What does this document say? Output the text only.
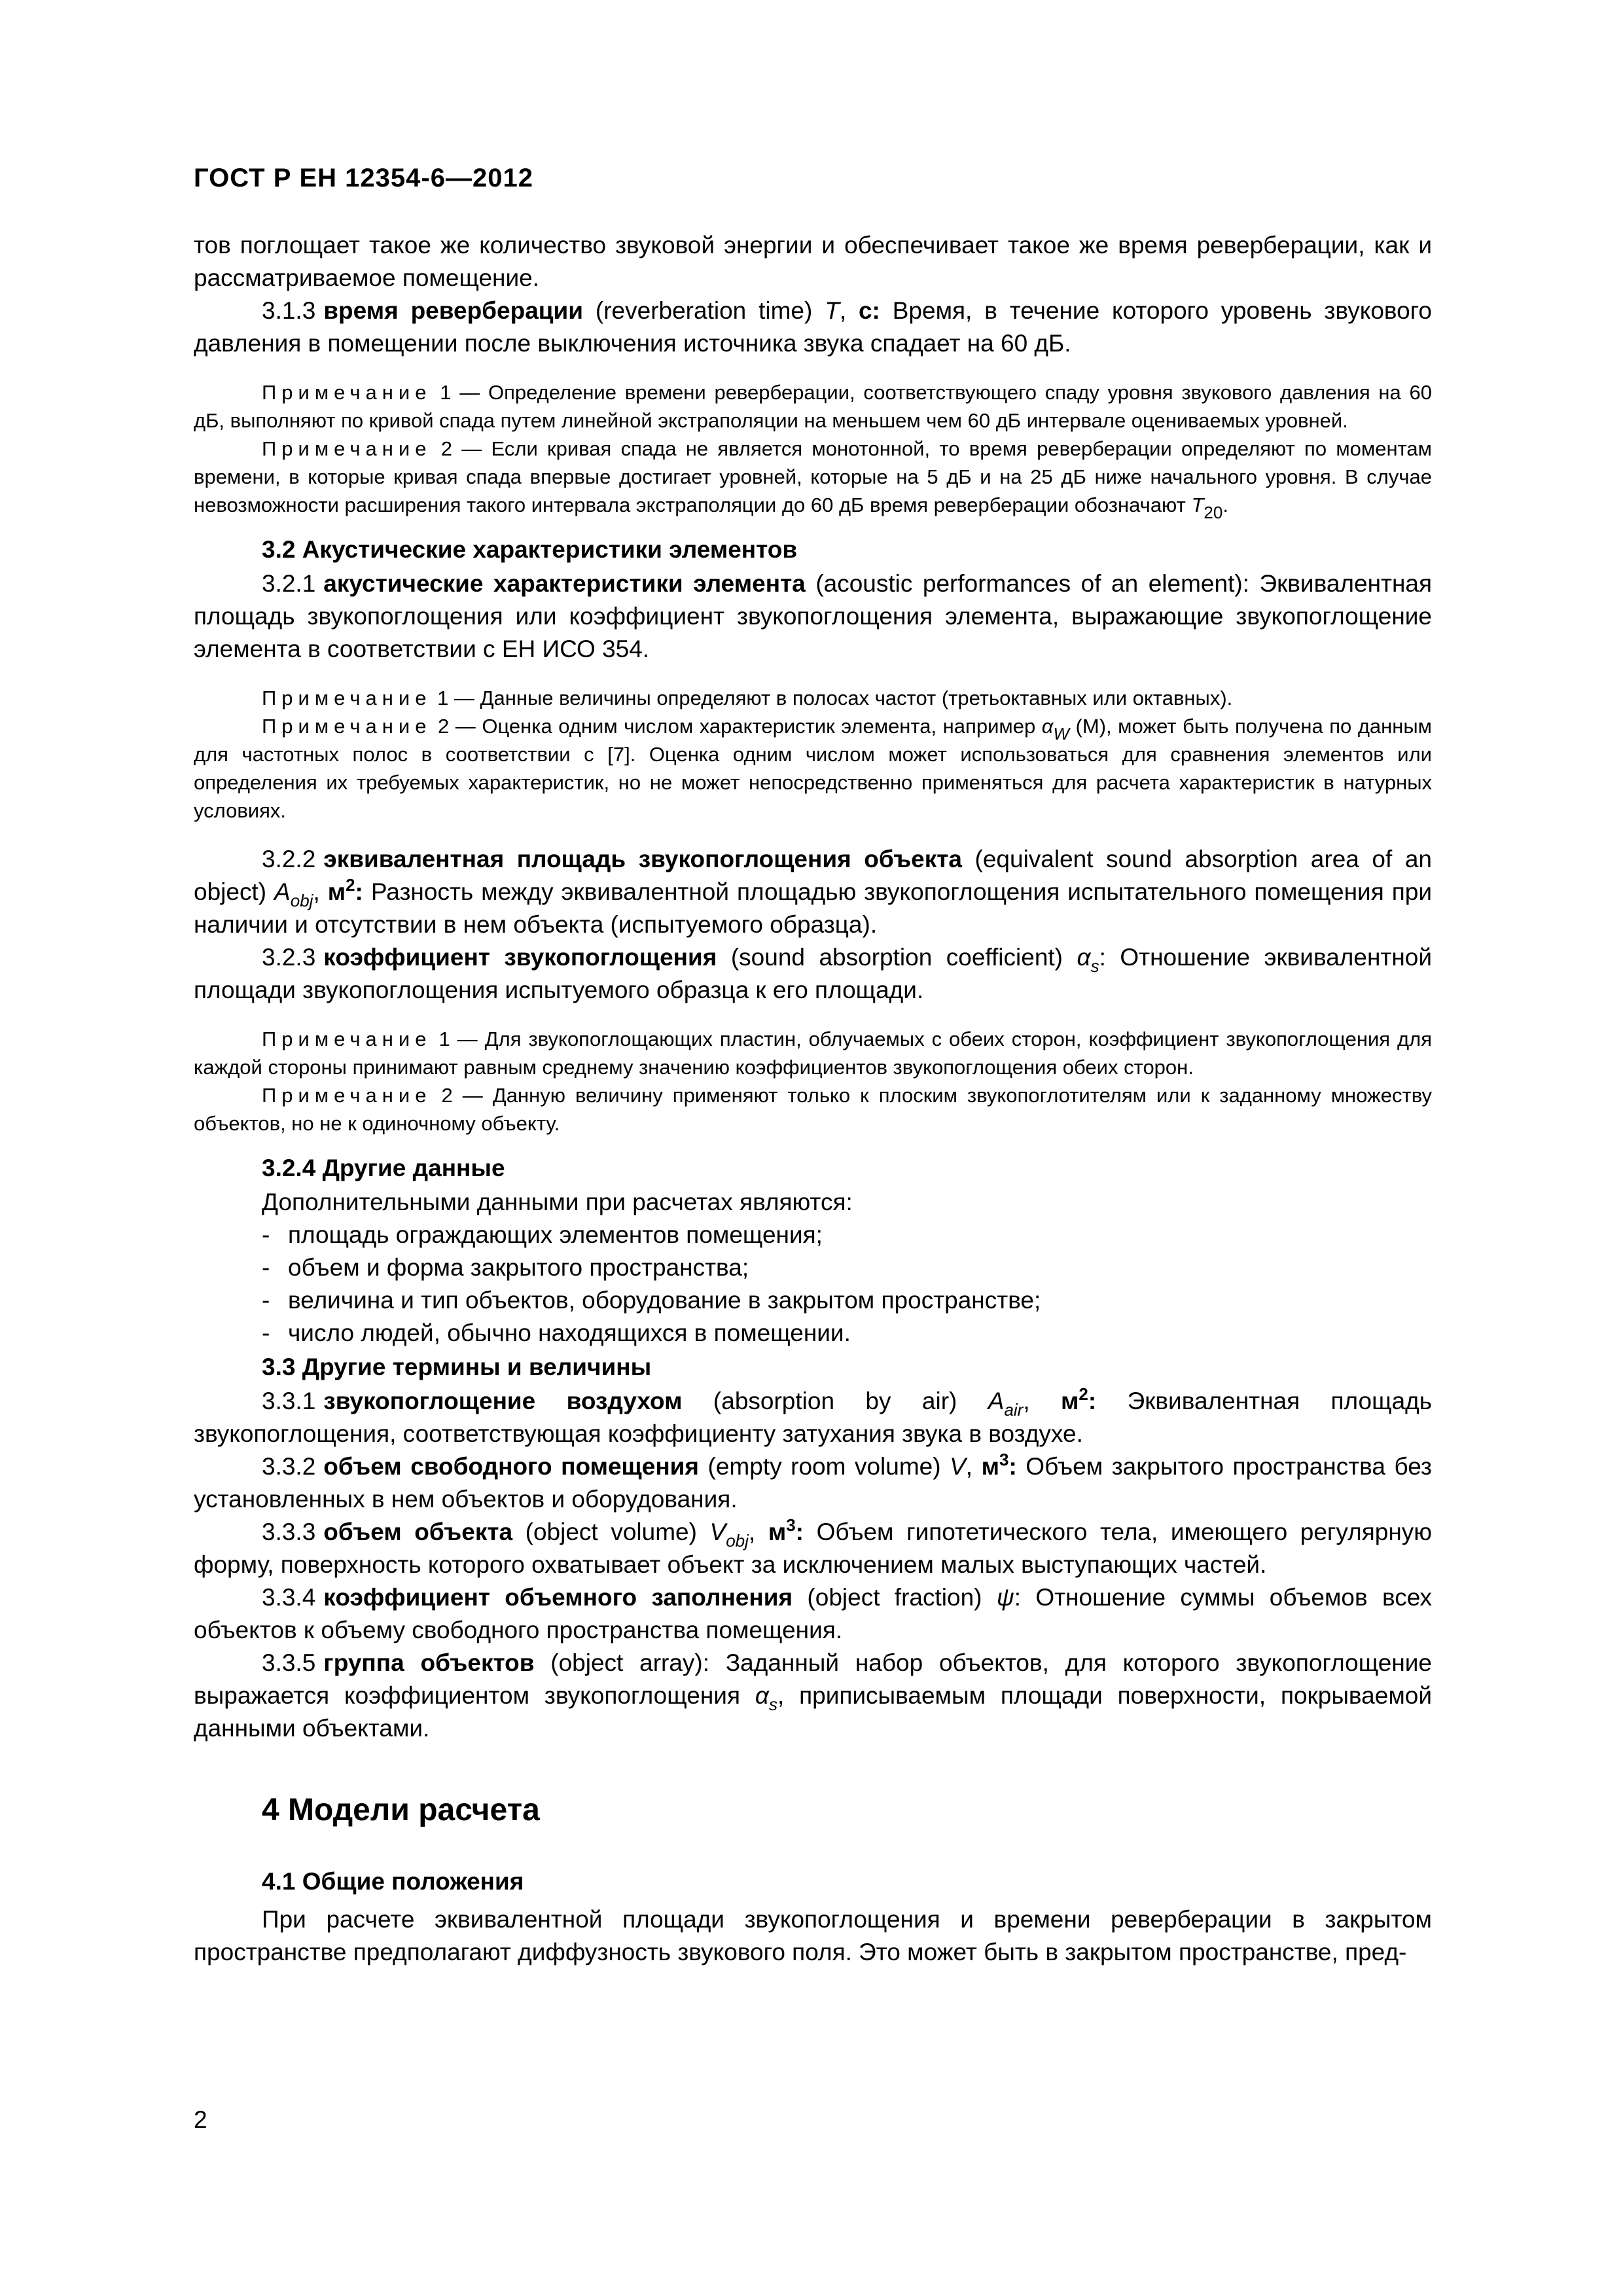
ГОСТ Р ЕН 12354-6—2012

тов поглощает такое же количество звуковой энергии и обеспечивает такое же время реверберации, как и рассматриваемое помещение.

3.1.3 время реверберации (reverberation time) T, с: Время, в течение которого уровень звукового давления в помещении после выключения источника звука спадает на 60 дБ.

Примечание 1 — Определение времени реверберации, соответствующего спаду уровня звукового давления на 60 дБ, выполняют по кривой спада путем линейной экстраполяции на меньшем чем 60 дБ интервале оцениваемых уровней.

Примечание 2 — Если кривая спада не является монотонной, то время реверберации определяют по моментам времени, в которые кривая спада впервые достигает уровней, которые на 5 дБ и на 25 дБ ниже начального уровня. В случае невозможности расширения такого интервала экстраполяции до 60 дБ время реверберации обозначают $T_{20}$.

3.2 Акустические характеристики элементов

3.2.1 акустические характеристики элемента (acoustic performances of an element): Эквивалентная площадь звукопоглощения или коэффициент звукопоглощения элемента, выражающие звукопоглощение элемента в соответствии с ЕН ИСО 354.

Примечание 1 — Данные величины определяют в полосах частот (третьоктавных или октавных).

Примечание 2 — Оценка одним числом характеристик элемента, например $\alpha_W$ (M), может быть получена по данным для частотных полос в соответствии с [7]. Оценка одним числом может использоваться для сравнения элементов или определения их требуемых характеристик, но не может непосредственно применяться для расчета характеристик в натурных условиях.

3.2.2 эквивалентная площадь звукопоглощения объекта (equivalent sound absorption area of an object) $A_{obj}$, $м^2$: Разность между эквивалентной площадью звукопоглощения испытательного помещения при наличии и отсутствии в нем объекта (испытуемого образца).

3.2.3 коэффициент звукопоглощения (sound absorption coefficient) $\alpha_s$: Отношение эквивалентной площади звукопоглощения испытуемого образца к его площади.

Примечание 1 — Для звукопоглощающих пластин, облучаемых с обеих сторон, коэффициент звукопоглощения для каждой стороны принимают равным среднему значению коэффициентов звукопоглощения обеих сторон.

Примечание 2 — Данную величину применяют только к плоским звукопоглотителям или к заданному множеству объектов, но не к одиночному объекту.

3.2.4 Другие данные

Дополнительными данными при расчетах являются:

- площадь ограждающих элементов помещения;
- объем и форма закрытого пространства;
- величина и тип объектов, оборудование в закрытом пространстве;
- число людей, обычно находящихся в помещении.

3.3 Другие термины и величины

3.3.1 звукопоглощение воздухом (absorption by air) $A_{air}$, $м^2$: Эквивалентная площадь звукопоглощения, соответствующая коэффициенту затухания звука в воздухе.

3.3.2 объем свободного помещения (empty room volume) V, $м^3$: Объем закрытого пространства без установленных в нем объектов и оборудования.

3.3.3 объем объекта (object volume) $V_{obj}$, $м^3$: Объем гипотетического тела, имеющего регулярную форму, поверхность которого охватывает объект за исключением малых выступающих частей.

3.3.4 коэффициент объемного заполнения (object fraction) ψ: Отношение суммы объемов всех объектов к объему свободного пространства помещения.

3.3.5 группа объектов (object array): Заданный набор объектов, для которого звукопоглощение выражается коэффициентом звукопоглощения $\alpha_s$, приписываемым площади поверхности, покрываемой данными объектами.

4 Модели расчета

4.1 Общие положения

При расчете эквивалентной площади звукопоглощения и времени реверберации в закрытом пространстве предполагают диффузность звукового поля. Это может быть в закрытом пространстве, пред-

2
